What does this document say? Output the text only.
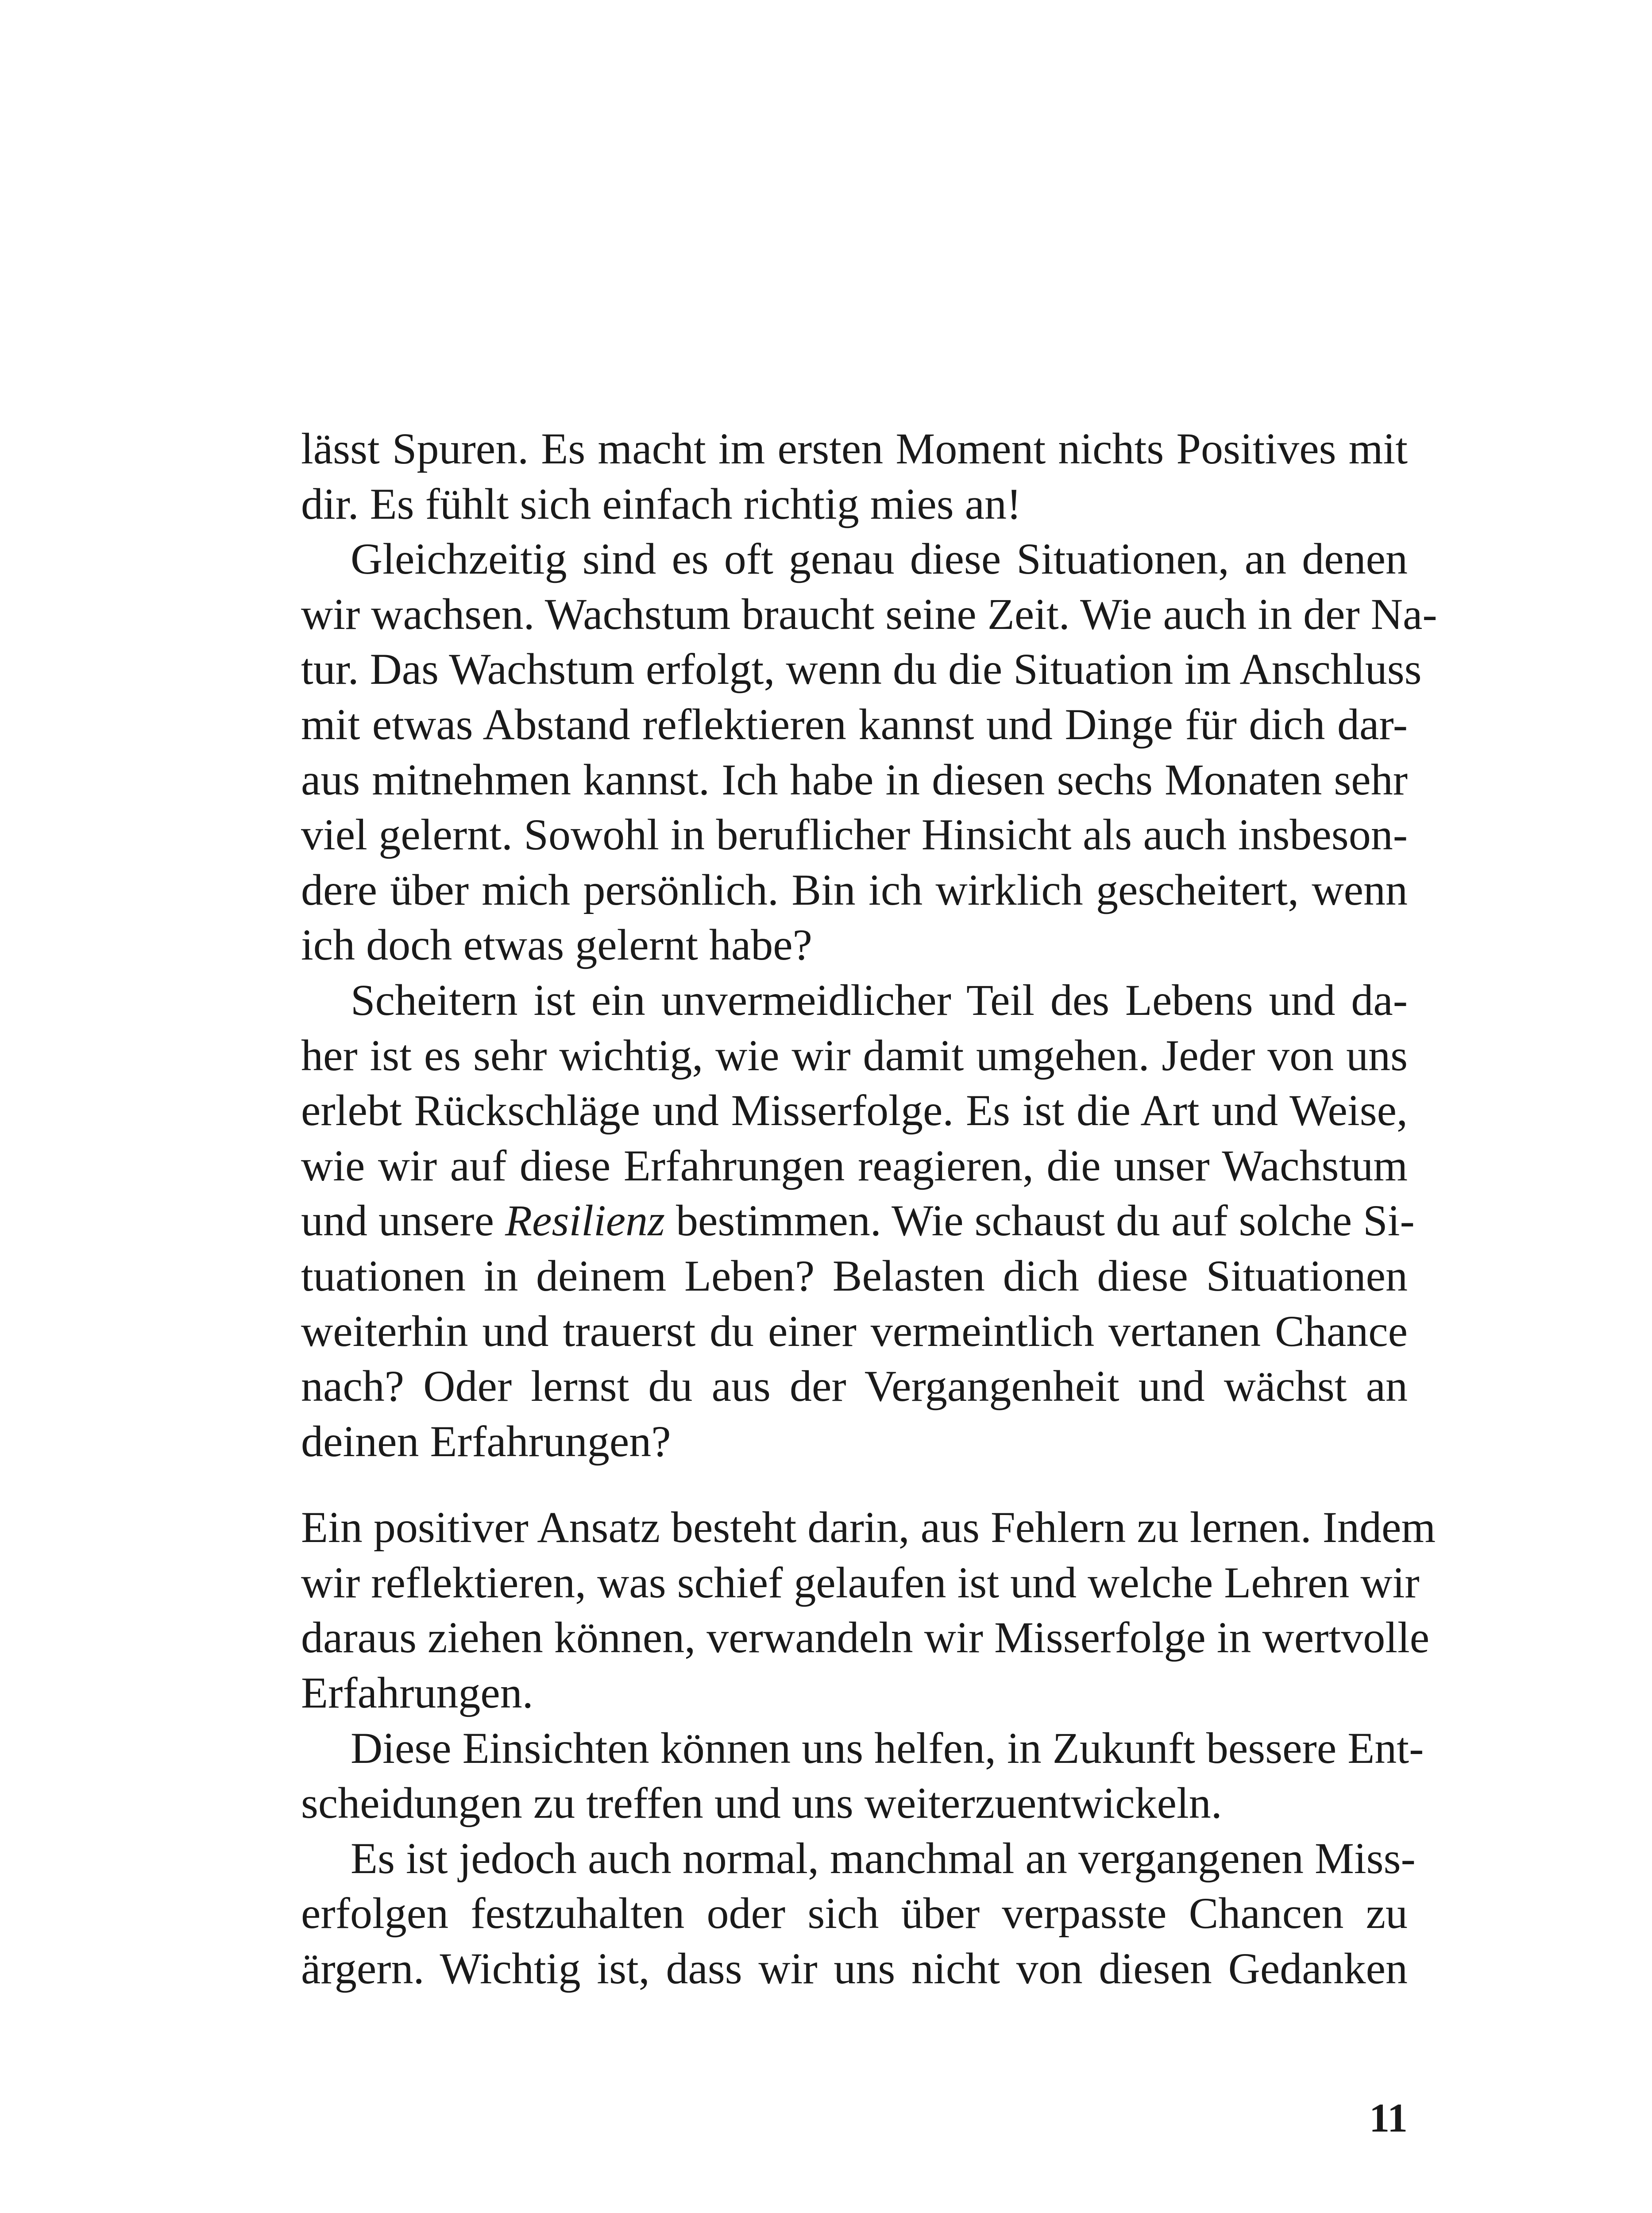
lässt Spuren. Es macht im ersten Moment nichts Positives mit
dir. Es fühlt sich einfach richtig mies an!
Gleichzeitig sind es oft genau diese Situationen, an denen
wir wachsen. Wachstum braucht seine Zeit. Wie auch in der Na-
tur. Das Wachstum erfolgt, wenn du die Situation im Anschluss
mit etwas Abstand reflektieren kannst und Dinge für dich dar-
aus mitnehmen kannst. Ich habe in diesen sechs Monaten sehr
viel gelernt. Sowohl in beruflicher Hinsicht als auch insbeson-
dere über mich persönlich. Bin ich wirklich gescheitert, wenn
ich doch etwas gelernt habe?
Scheitern ist ein unvermeidlicher Teil des Lebens und da-
her ist es sehr wichtig, wie wir damit umgehen. Jeder von uns
erlebt Rückschläge und Misserfolge. Es ist die Art und Weise,
wie wir auf diese Erfahrungen reagieren, die unser Wachstum
und unsere Resilienz bestimmen. Wie schaust du auf solche Si-
tuationen in deinem Leben? Belasten dich diese Situationen
weiterhin und trauerst du einer vermeintlich vertanen Chance
nach? Oder lernst du aus der Vergangenheit und wächst an
deinen Erfahrungen?
Ein positiver Ansatz besteht darin, aus Fehlern zu lernen. Indem
wir reflektieren, was schief gelaufen ist und welche Lehren wir
daraus ziehen können, verwandeln wir Misserfolge in wertvolle
Erfahrungen.
Diese Einsichten können uns helfen, in Zukunft bessere Ent-
scheidungen zu treffen und uns weiterzuentwickeln.
Es ist jedoch auch normal, manchmal an vergangenen Miss-
erfolgen festzuhalten oder sich über verpasste Chancen zu
ärgern. Wichtig ist, dass wir uns nicht von diesen Gedanken
11
